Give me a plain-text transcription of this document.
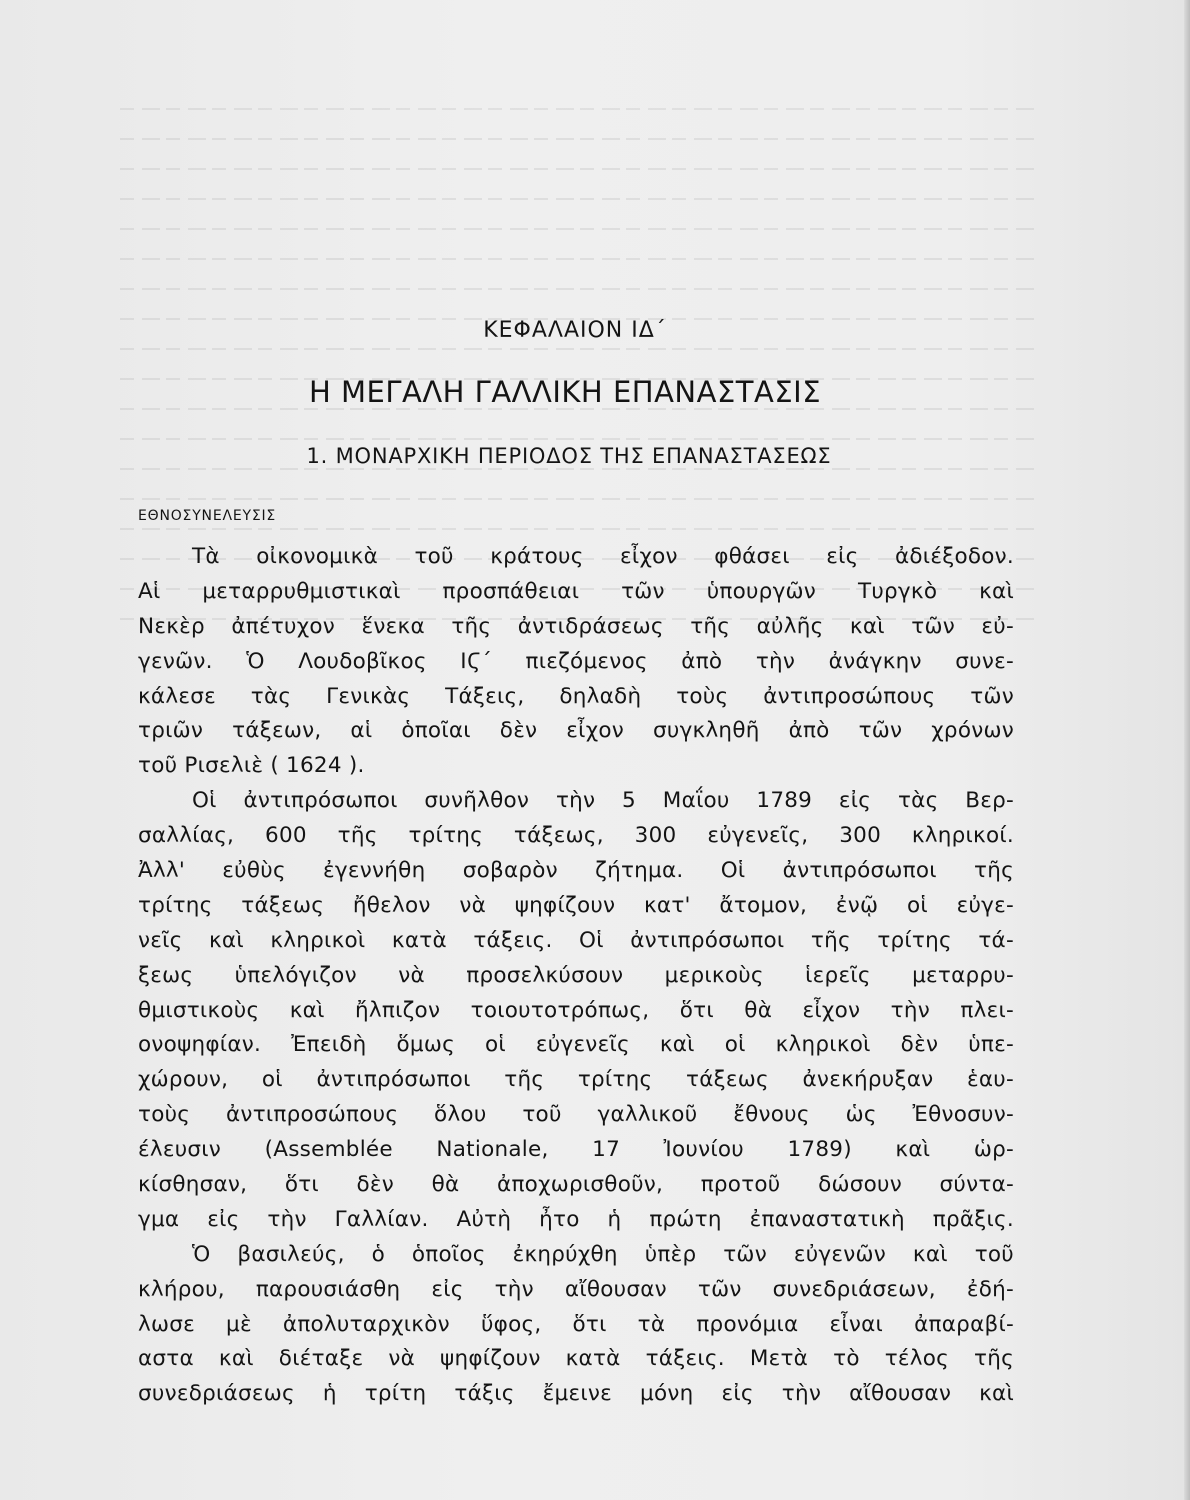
ΚΕΦΑΛΑΙΟΝ ΙΔ΄
Η ΜΕΓΑΛΗ ΓΑΛΛΙΚΗ ΕΠΑΝΑΣΤΑΣΙΣ
1. ΜΟΝΑΡΧΙΚΗ ΠΕΡΙΟΔΟΣ ΤΗΣ ΕΠΑΝΑΣΤΑΣΕΩΣ
ΕΘΝΟΣΥΝΕΛΕΥΣΙΣ
Τὰ οἰκονομικὰ τοῦ κράτους εἶχον φθάσει εἰς ἀδιέξοδον.
Αἱ μεταρρυθμιστικαὶ προσπάθειαι τῶν ὑπουργῶν Τυργκὸ καὶ
Νεκὲρ ἀπέτυχον ἕνεκα τῆς ἀντιδράσεως τῆς αὐλῆς καὶ τῶν εὐ-
γενῶν. Ὁ Λουδοβῖκος ΙϚ΄ πιεζόμενος ἀπὸ τὴν ἀνάγκην συνε-
κάλεσε τὰς Γενικὰς Τάξεις, δηλαδὴ τοὺς ἀντιπροσώπους τῶν
τριῶν τάξεων, αἱ ὁποῖαι δὲν εἶχον συγκληθῆ ἀπὸ τῶν χρόνων
τοῦ Ρισελιὲ ( 1624 ).
Οἱ ἀντιπρόσωποι συνῆλθον τὴν 5 Μαΐου 1789 εἰς τὰς Βερ-
σαλλίας, 600 τῆς τρίτης τάξεως, 300 εὐγενεῖς, 300 κληρικοί.
Ἀλλ' εὐθὺς ἐγεννήθη σοβαρὸν ζήτημα. Οἱ ἀντιπρόσωποι τῆς
τρίτης τάξεως ἤθελον νὰ ψηφίζουν κατ' ἄτομον, ἐνῷ οἱ εὐγε-
νεῖς καὶ κληρικοὶ κατὰ τάξεις. Οἱ ἀντιπρόσωποι τῆς τρίτης τά-
ξεως ὑπελόγιζον νὰ προσελκύσουν μερικοὺς ἱερεῖς μεταρρυ-
θμιστικοὺς καὶ ἤλπιζον τοιουτοτρόπως, ὅτι θὰ εἶχον τὴν πλει-
ονοψηφίαν. Ἐπειδὴ ὅμως οἱ εὐγενεῖς καὶ οἱ κληρικοὶ δὲν ὑπε-
χώρουν, οἱ ἀντιπρόσωποι τῆς τρίτης τάξεως ἀνεκήρυξαν ἑαυ-
τοὺς ἀντιπροσώπους ὅλου τοῦ γαλλικοῦ ἔθνους ὡς Ἐθνοσυν-
έλευσιν (Assemblée Nationale, 17 Ἰουνίου 1789) καὶ ὡρ-
κίσθησαν, ὅτι δὲν θὰ ἀποχωρισθοῦν, προτοῦ δώσουν σύντα-
γμα εἰς τὴν Γαλλίαν. Αὐτὴ ἦτο ἡ πρώτη ἐπαναστατικὴ πρᾶξις.
Ὁ βασιλεύς, ὁ ὁποῖος ἐκηρύχθη ὑπὲρ τῶν εὐγενῶν καὶ τοῦ
κλήρου, παρουσιάσθη εἰς τὴν αἴθουσαν τῶν συνεδριάσεων, ἐδή-
λωσε μὲ ἀπολυταρχικὸν ὕφος, ὅτι τὰ προνόμια εἶναι ἀπαραβί-
αστα καὶ διέταξε νὰ ψηφίζουν κατὰ τάξεις. Μετὰ τὸ τέλος τῆς
συνεδριάσεως ἡ τρίτη τάξις ἔμεινε μόνη εἰς τὴν αἴθουσαν καὶ
